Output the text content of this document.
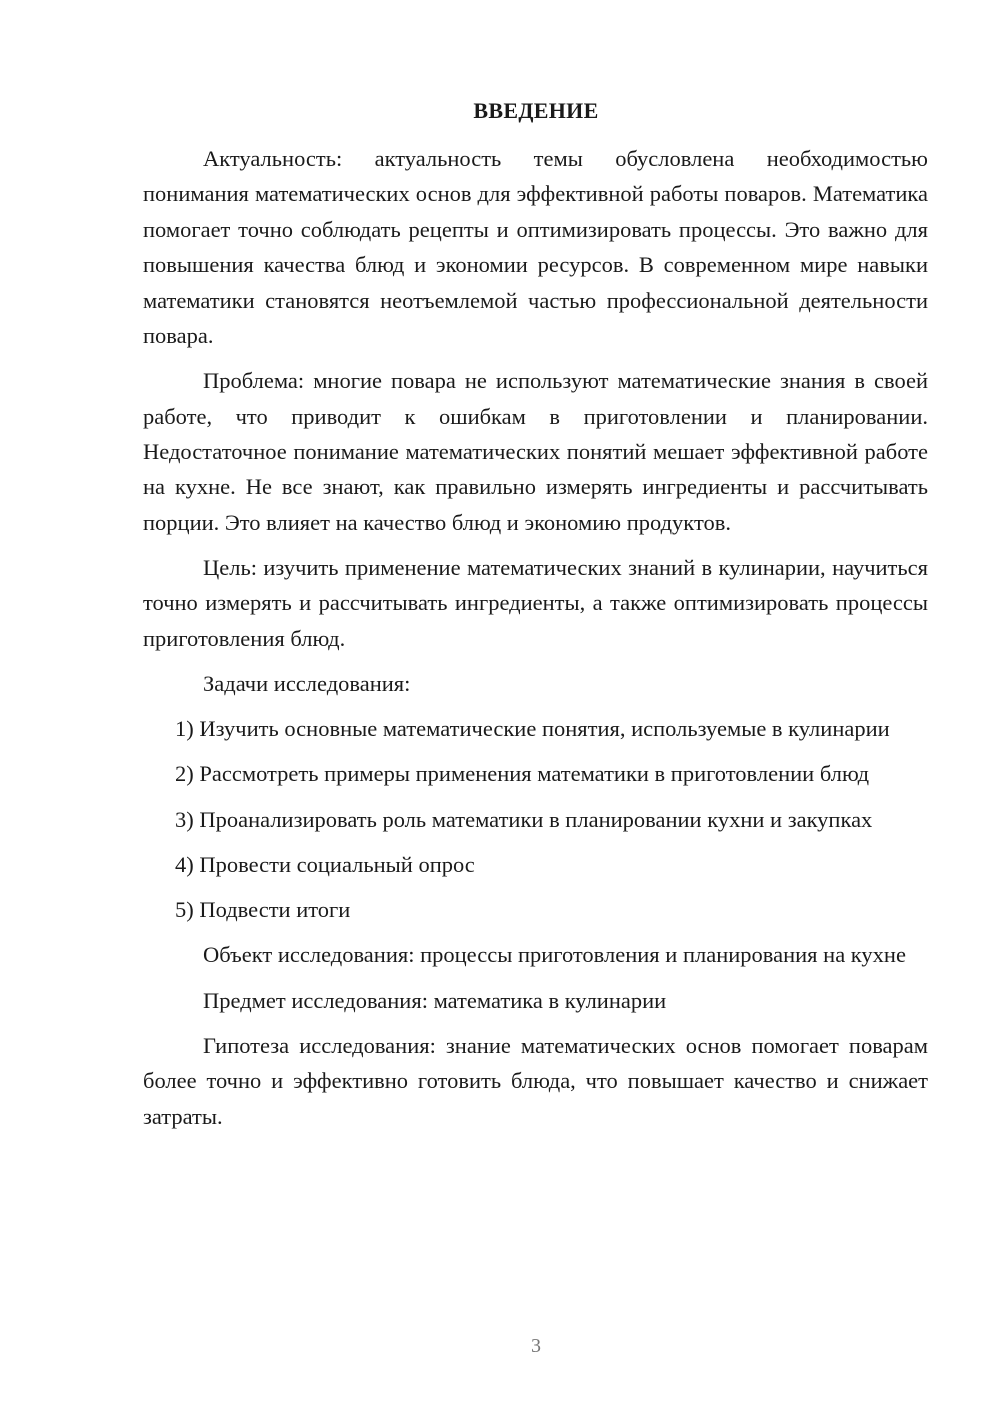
ВВЕДЕНИЕ

Актуальность: актуальность темы обусловлена необходимостью понимания математических основ для эффективной работы поваров. Математика помогает точно соблюдать рецепты и оптимизировать процессы. Это важно для повышения качества блюд и экономии ресурсов. В современном мире навыки математики становятся неотъемлемой частью профессиональной деятельности повара.

Проблема: многие повара не используют математические знания в своей работе, что приводит к ошибкам в приготовлении и планировании. Недостаточное понимание математических понятий мешает эффективной работе на кухне. Не все знают, как правильно измерять ингредиенты и рассчитывать порции. Это влияет на качество блюд и экономию продуктов.

Цель: изучить применение математических знаний в кулинарии, научиться точно измерять и рассчитывать ингредиенты, а также оптимизировать процессы приготовления блюд.

Задачи исследования:

1) Изучить основные математические понятия, используемые в кулинарии

2) Рассмотреть примеры применения математики в приготовлении блюд

3) Проанализировать роль математики в планировании кухни и закупках

4) Провести социальный опрос

5) Подвести итоги

Объект исследования: процессы приготовления и планирования на кухне

Предмет исследования: математика в кулинарии

Гипотеза исследования: знание математических основ помогает поварам более точно и эффективно готовить блюда, что повышает качество и снижает затраты.

3
